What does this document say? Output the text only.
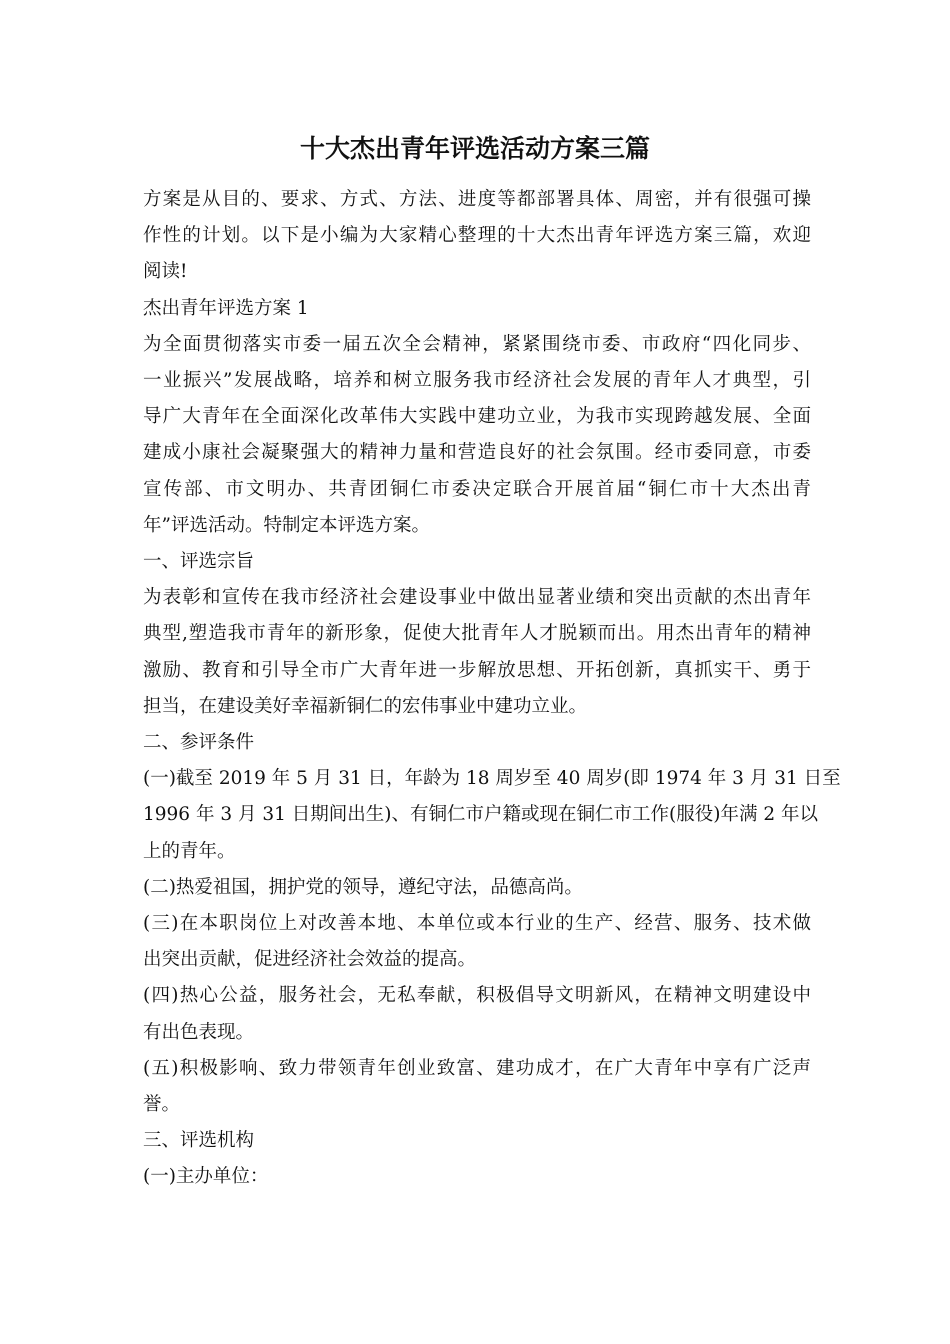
十大杰出青年评选活动方案三篇
方案是从目的、要求、方式、方法、进度等都部署具体、周密，并有很强可操
作性的计划。以下是小编为大家精心整理的十大杰出青年评选方案三篇，欢迎
阅读!
杰出青年评选方案 1
为全面贯彻落实市委一届五次全会精神，紧紧围绕市委、市政府“四化同步、
一业振兴”发展战略，培养和树立服务我市经济社会发展的青年人才典型，引
导广大青年在全面深化改革伟大实践中建功立业，为我市实现跨越发展、全面
建成小康社会凝聚强大的精神力量和营造良好的社会氛围。经市委同意，市委
宣传部、市文明办、共青团铜仁市委决定联合开展首届“铜仁市十大杰出青
年”评选活动。特制定本评选方案。
一、评选宗旨
为表彰和宣传在我市经济社会建设事业中做出显著业绩和突出贡献的杰出青年
典型,塑造我市青年的新形象，促使大批青年人才脱颖而出。用杰出青年的精神
激励、教育和引导全市广大青年进一步解放思想、开拓创新，真抓实干、勇于
担当，在建设美好幸福新铜仁的宏伟事业中建功立业。
二、参评条件
(一)截至 2019 年 5 月 31 日，年龄为 18 周岁至 40 周岁(即 1974 年 3 月 31 日至
1996 年 3 月 31 日期间出生)、有铜仁市户籍或现在铜仁市工作(服役)年满 2 年以
上的青年。
(二)热爱祖国，拥护党的领导，遵纪守法，品德高尚。
(三)在本职岗位上对改善本地、本单位或本行业的生产、经营、服务、技术做
出突出贡献，促进经济社会效益的提高。
(四)热心公益，服务社会，无私奉献，积极倡导文明新风，在精神文明建设中
有出色表现。
(五)积极影响、致力带领青年创业致富、建功成才，在广大青年中享有广泛声
誉。
三、评选机构
(一)主办单位：
